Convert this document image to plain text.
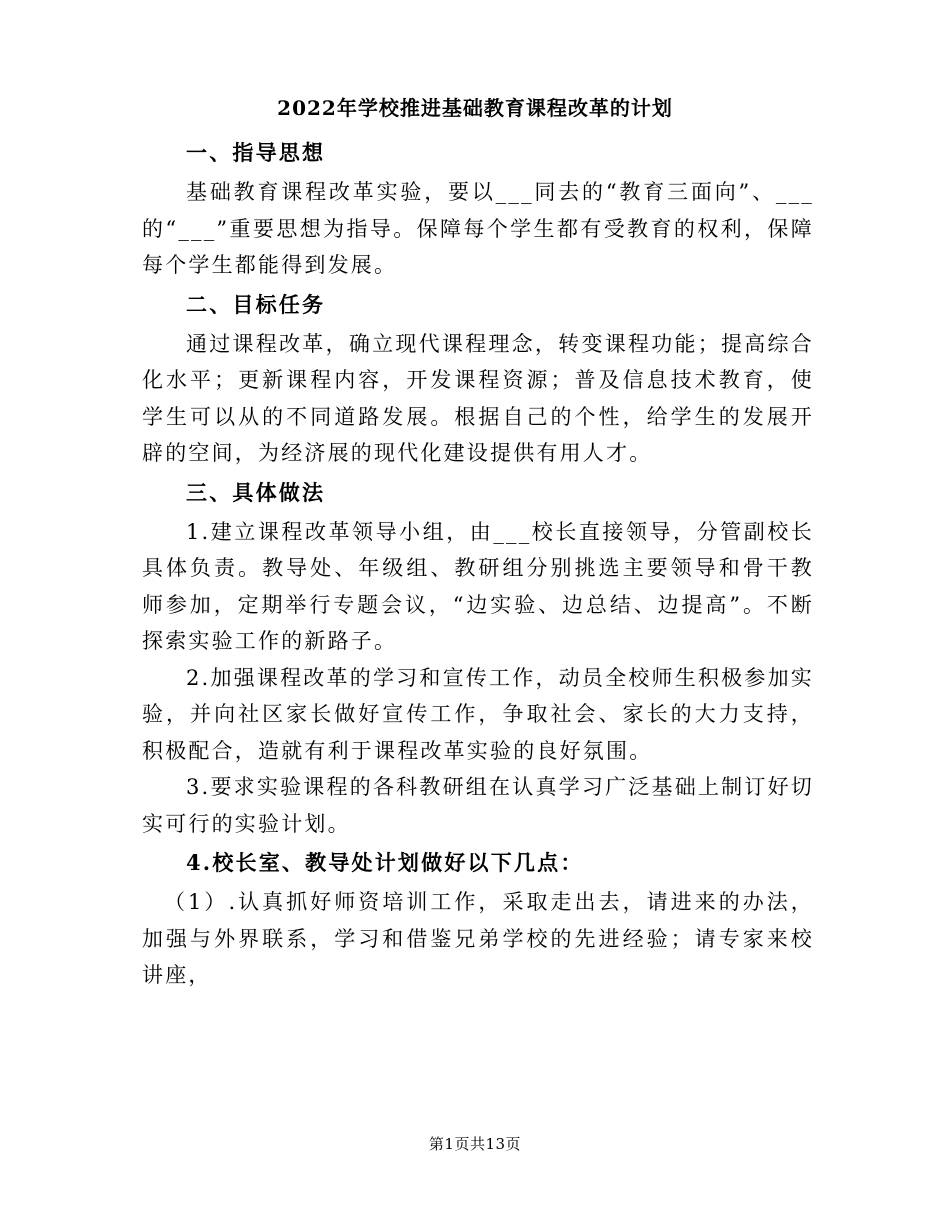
2022年学校推进基础教育课程改革的计划

一、指导思想

基础教育课程改革实验，要以___同去的“教育三面向”、___的“___”重要思想为指导。保障每个学生都有受教育的权利，保障每个学生都能得到发展。

二、目标任务

通过课程改革，确立现代课程理念，转变课程功能；提高综合化水平；更新课程内容，开发课程资源；普及信息技术教育，使学生可以从的不同道路发展。根据自己的个性，给学生的发展开辟的空间，为经济展的现代化建设提供有用人才。

三、具体做法

1.建立课程改革领导小组，由___校长直接领导，分管副校长具体负责。教导处、年级组、教研组分别挑选主要领导和骨干教师参加，定期举行专题会议，“边实验、边总结、边提高”。不断探索实验工作的新路子。

2.加强课程改革的学习和宣传工作，动员全校师生积极参加实验，并向社区家长做好宣传工作，争取社会、家长的大力支持，积极配合，造就有利于课程改革实验的良好氛围。

3.要求实验课程的各科教研组在认真学习广泛基础上制订好切实可行的实验计划。

4.校长室、教导处计划做好以下几点：

（1）.认真抓好师资培训工作，采取走出去，请进来的办法，加强与外界联系，学习和借鉴兄弟学校的先进经验；请专家来校讲座，

第1页共13页
